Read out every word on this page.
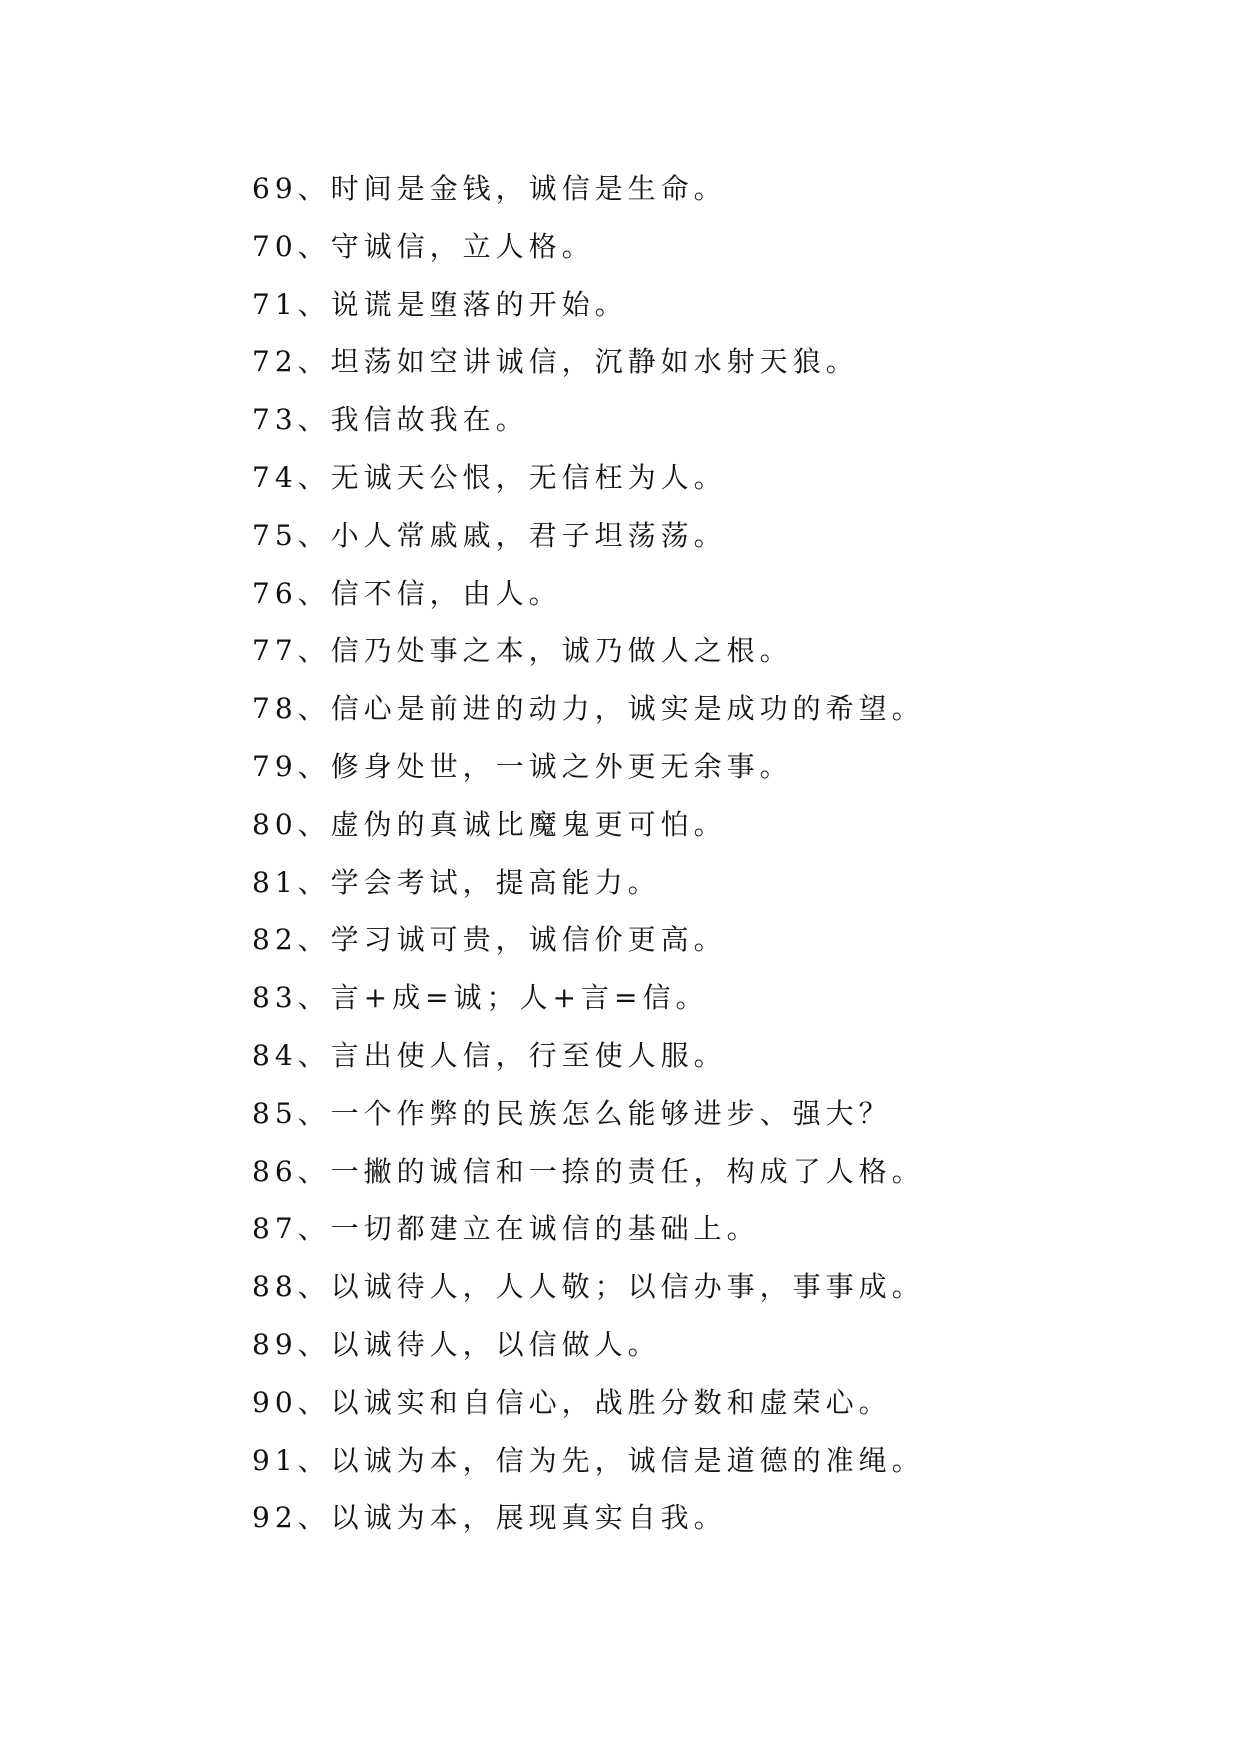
69、时间是金钱，诚信是生命。
70、守诚信，立人格。
71、说谎是堕落的开始。
72、坦荡如空讲诚信，沉静如水射天狼。
73、我信故我在。
74、无诚天公恨，无信枉为人。
75、小人常戚戚，君子坦荡荡。
76、信不信，由人。
77、信乃处事之本，诚乃做人之根。
78、信心是前进的动力，诚实是成功的希望。
79、修身处世，一诚之外更无余事。
80、虚伪的真诚比魔鬼更可怕。
81、学会考试，提高能力。
82、学习诚可贵，诚信价更高。
83、言+成=诚；人+言=信。
84、言出使人信，行至使人服。
85、一个作弊的民族怎么能够进步、强大？
86、一撇的诚信和一捺的责任，构成了人格。
87、一切都建立在诚信的基础上。
88、以诚待人，人人敬；以信办事，事事成。
89、以诚待人，以信做人。
90、以诚实和自信心，战胜分数和虚荣心。
91、以诚为本，信为先，诚信是道德的准绳。
92、以诚为本，展现真实自我。
